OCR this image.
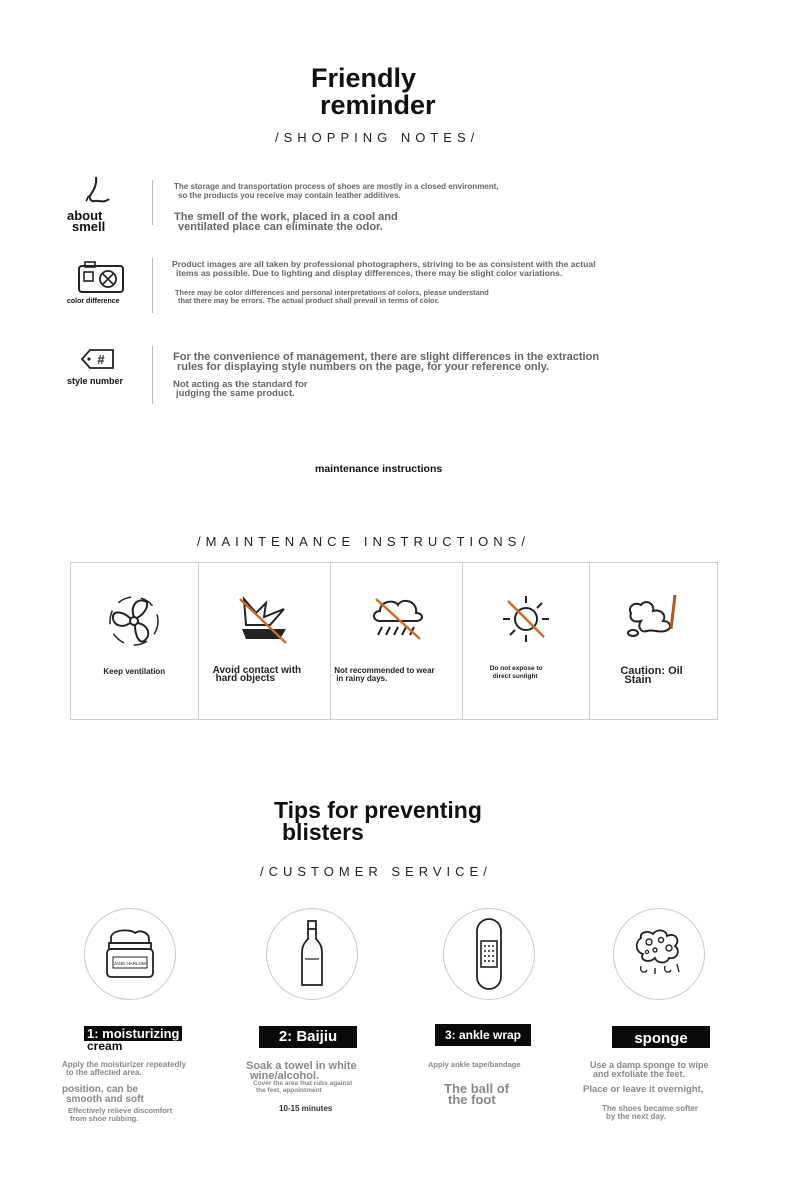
Friendly
reminder
/SHOPPING NOTES/
about
smell
The storage and transportation process of shoes are mostly in a closed environment,
so the products you receive may contain leather additives.
The smell of the work, placed in a cool and
ventilated place can eliminate the odor.
color difference
Product images are all taken by professional photographers, striving to be as consistent with the actual
items as possible. Due to lighting and display differences, there may be slight color variations.
There may be color differences and personal interpretations of colors, please understand
that there may be errors. The actual product shall prevail in terms of color.
#
style number
For the convenience of management, there are slight differences in the extraction
rules for displaying style numbers on the page, for your reference only.
Not acting as the standard for
judging the same product.
maintenance instructions
/MAINTENANCE INSTRUCTIONS/
Keep ventilation	Avoid contact with
hard objects
Not recommended to wear
in rainy days.
Do not expose to
direct sunlight	Caution: Oil
Stain
Tips for preventing
blisters
/CUSTOMER SERVICE/
JANE HARLOW
1: moisturizing
cream
Apply the moisturizer repeatedly
to the affected area.
position, can be
smooth and soft
Effectively relieve discomfort
from shoe rubbing.
2: Baijiu
Soak a towel in white
wine/alcohol.
Cover the area that rubs against
the feet, appointment
10-15 minutes
3: ankle wrap
Apply ankle tape/bandage
The ball of
the foot
sponge
Use a damp sponge to wipe
and exfoliate the feet.
Place or leave it overnight,
The shoes became softer
by the next day.
